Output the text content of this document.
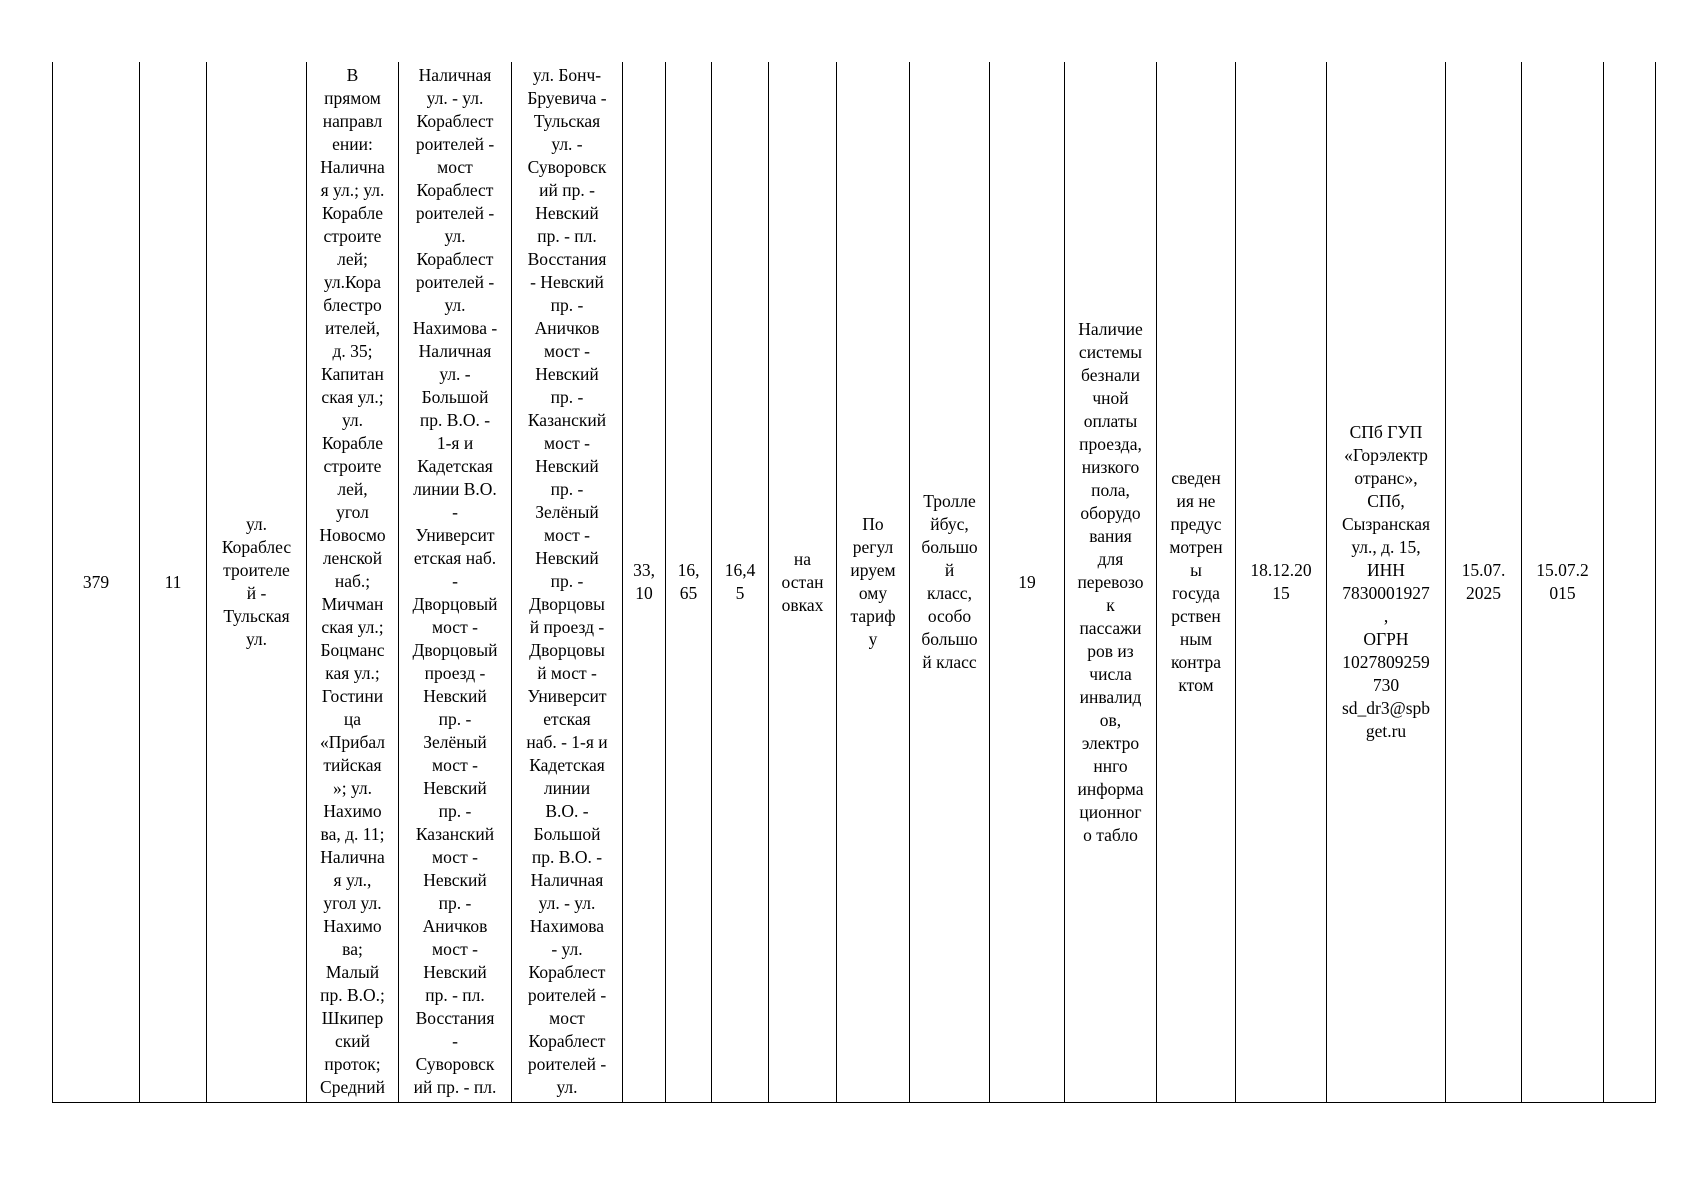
379	11	ул.
Кораблес
троителе
й -
Тульская
ул.	В
прямом
направл
ении:
Налична
я ул.; ул.
Корабле
строите
лей;
ул.Кора
блестро
ителей,
д. 35;
Капитан
ская ул.;
ул.
Корабле
строите
лей,
угол
Новосмо
ленской
наб.;
Мичман
ская ул.;
Боцманс
кая ул.;
Гостини
ца
«Прибал
тийская
»; ул.
Нахимо
ва, д. 11;
Налична
я ул.,
угол ул.
Нахимо
ва;
Малый
пр. В.О.;
Шкипер
ский
проток;
Средний	Наличная
ул. - ул.
Кораблест
роителей -
мост
Кораблест
роителей -
ул.
Кораблест
роителей -
ул.
Нахимова -
Наличная
ул. -
Большой
пр. В.О. -
1-я и
Кадетская
линии В.О.
-
Университ
етская наб.
-
Дворцовый
мост -
Дворцовый
проезд -
Невский
пр. -
Зелёный
мост -
Невский
пр. -
Казанский
мост -
Невский
пр. -
Аничков
мост -
Невский
пр. - пл.
Восстания
-
Суворовск
ий пр. - пл.	ул. Бонч-
Бруевича -
Тульская
ул. -
Суворовск
ий пр. -
Невский
пр. - пл.
Восстания
- Невский
пр. -
Аничков
мост -
Невский
пр. -
Казанский
мост -
Невский
пр. -
Зелёный
мост -
Невский
пр. -
Дворцовы
й проезд -
Дворцовы
й мост -
Университ
етская
наб. - 1-я и
Кадетская
линии
В.О. -
Большой
пр. В.О. -
Наличная
ул. - ул.
Нахимова
- ул.
Кораблест
роителей -
мост
Кораблест
роителей -
ул.	33,
10	16,
65	16,4
5	на
остан
овках	По
регул
ируем
ому
тариф
у	Тролле
йбус,
большо
й
класс,
особо
большо
й класс	19	Наличие
системы
безнали
чной
оплаты
проезда,
низкого
пола,
оборудо
вания
для
перевозо
к
пассажи
ров из
числа
инвалид
ов,
электро
ннго
информа
ционног
о табло	сведен
ия не
предус
мотрен
ы
госуда
рствен
ным
контра
ктом	18.12.20
15	СПб ГУП
«Горэлектр
отранс»,
СПб,
Сызранская
ул., д. 15,
ИНН
7830001927
,
ОГРН
1027809259
730
sd_dr3@spb
get.ru	15.07.
2025	15.07.2
015	
